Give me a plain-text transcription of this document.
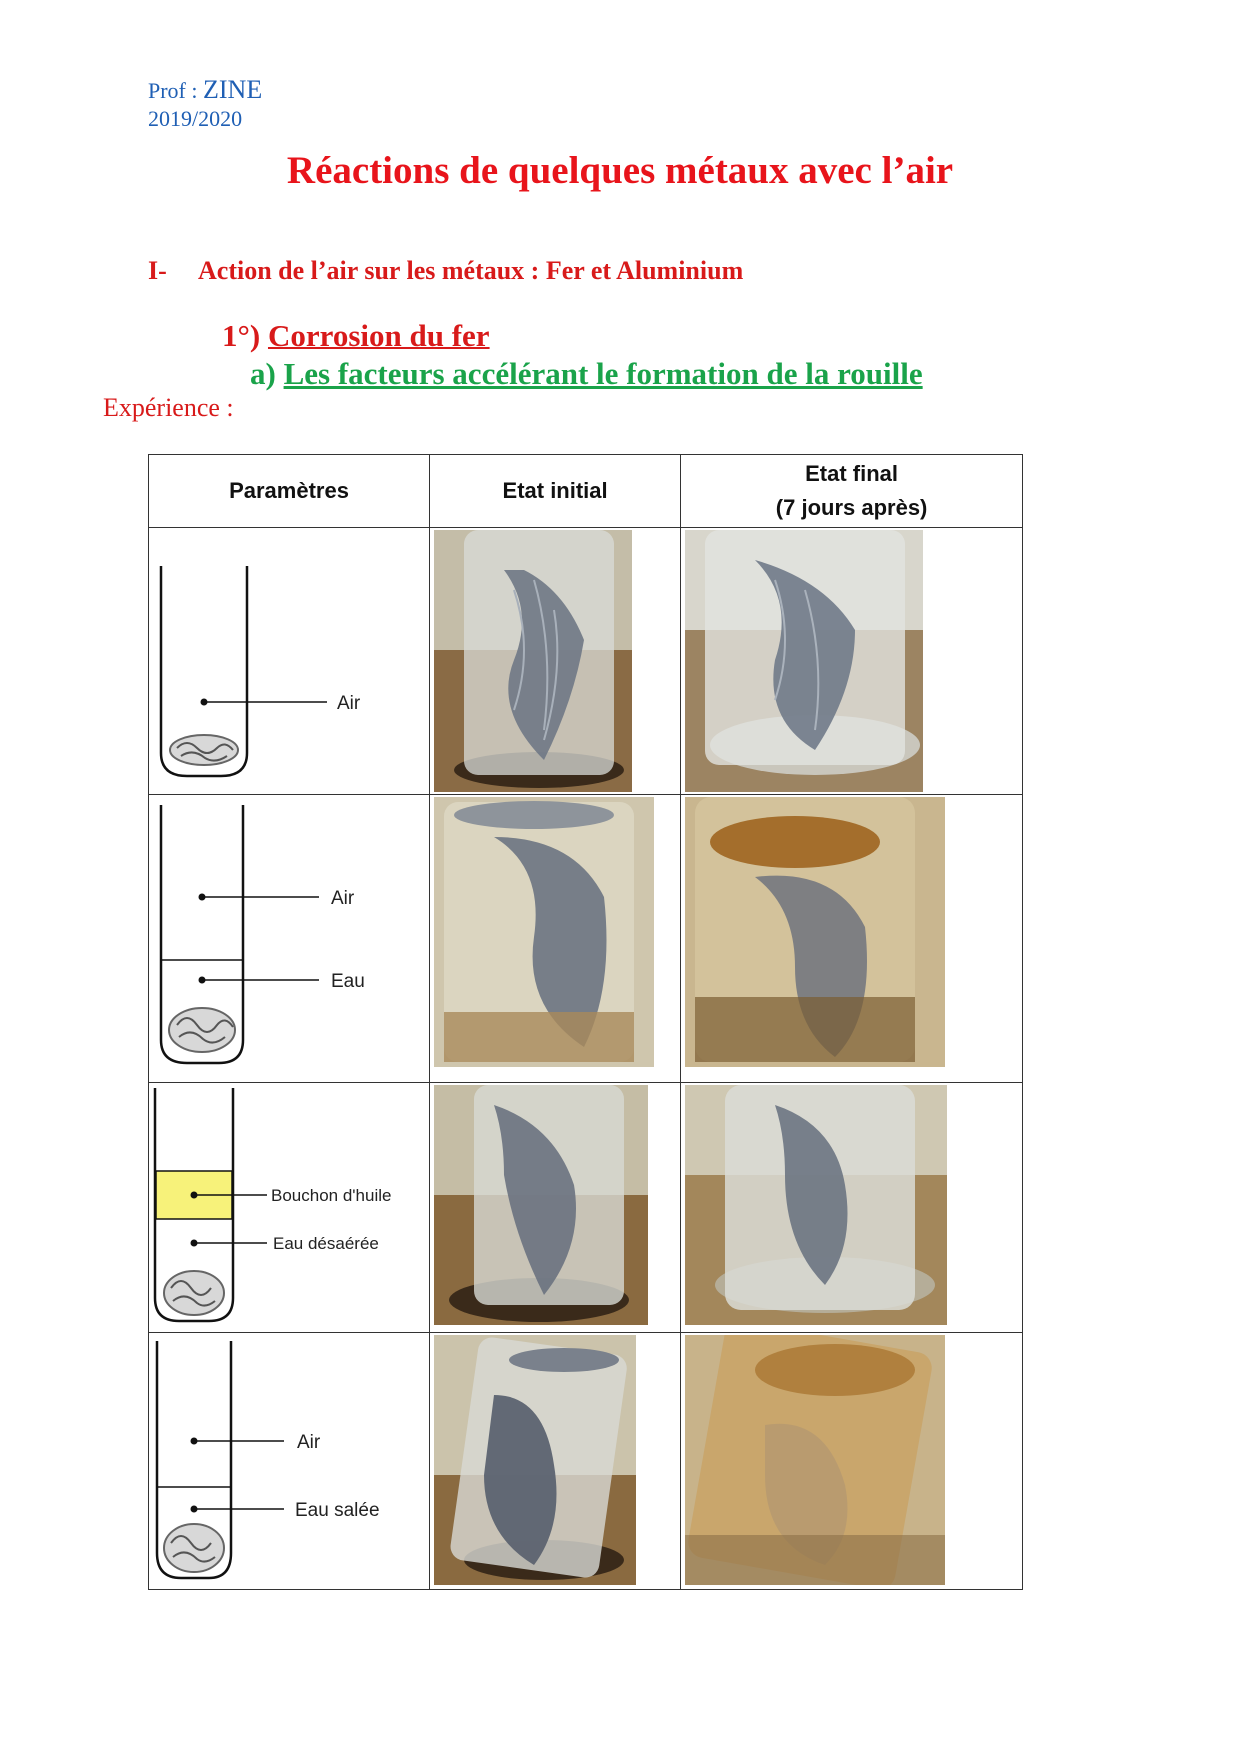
Prof : ZINE
2019/2020
Réactions de quelques métaux avec l’air
I- Action de l’air sur les métaux : Fer et Aluminium
1°) Corrosion du fer
a) Les facteurs accélérant le formation de la rouille
Expérience :
Paramètres	Etat initial	Etat final
(7 jours après)

Air

Air
Eau

Bouchon d'huile
Eau désaérée

Air
Eau salée
